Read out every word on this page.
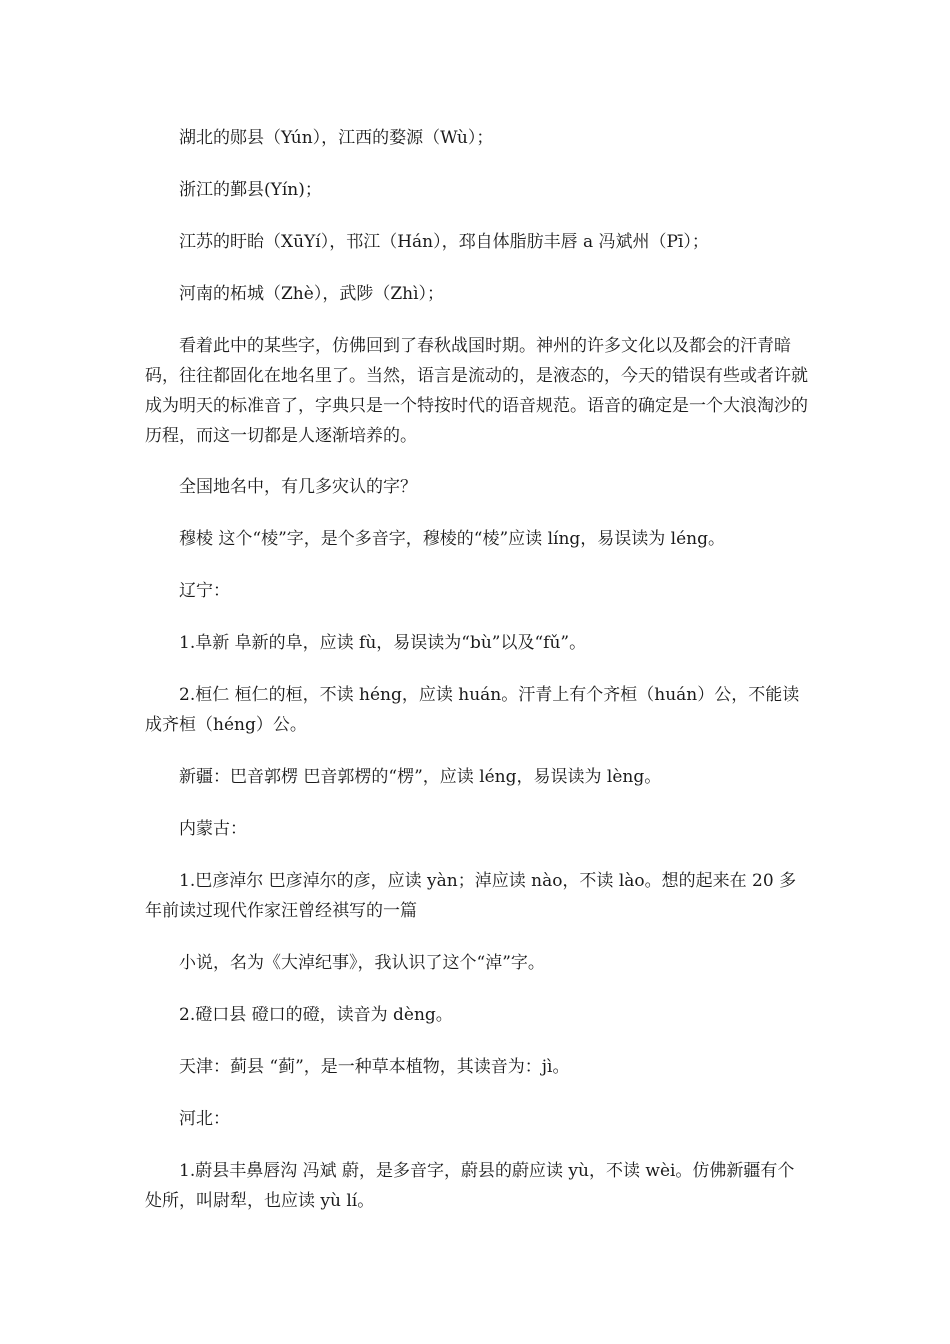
湖北的郧县（Yún），江西的婺源（Wù）；

浙江的鄞县(Yín)；

江苏的盱眙（XūYí），邗江（Hán），邳自体脂肪丰唇 a 冯斌州（Pī）；

河南的柘城（Zhè），武陟（Zhì）；

看着此中的某些字，仿佛回到了春秋战国时期。神州的许多文化以及都会的汗青暗码，往往都固化在地名里了。当然，语言是流动的，是液态的，今天的错误有些或者许就成为明天的标准音了，字典只是一个特按时代的语音规范。语音的确定是一个大浪淘沙的历程，而这一切都是人逐渐培养的。

全国地名中，有几多灾认的字？

穆棱 这个“棱”字，是个多音字，穆棱的“棱”应读 líng，易误读为 léng。

辽宁：

1.阜新 阜新的阜，应读 fù，易误读为“bù”以及“fǔ”。

2.桓仁 桓仁的桓，不读 héng，应读 huán。汗青上有个齐桓（huán）公，不能读成齐桓（héng）公。

新疆：巴音郭楞 巴音郭楞的“楞”，应读 léng，易误读为 lèng。

内蒙古：

1.巴彦淖尔 巴彦淖尔的彦，应读 yàn；淖应读 nào，不读 lào。想的起来在 20 多年前读过现代作家汪曾经祺写的一篇

小说，名为《大淖纪事》，我认识了这个“淖”字。

2.磴口县 磴口的磴，读音为 dèng。

天津：蓟县 “蓟”，是一种草本植物，其读音为：jì。

河北：

1.蔚县丰鼻唇沟 冯斌 蔚，是多音字，蔚县的蔚应读 yù，不读 wèi。仿佛新疆有个处所，叫尉犁，也应读 yù lí。
